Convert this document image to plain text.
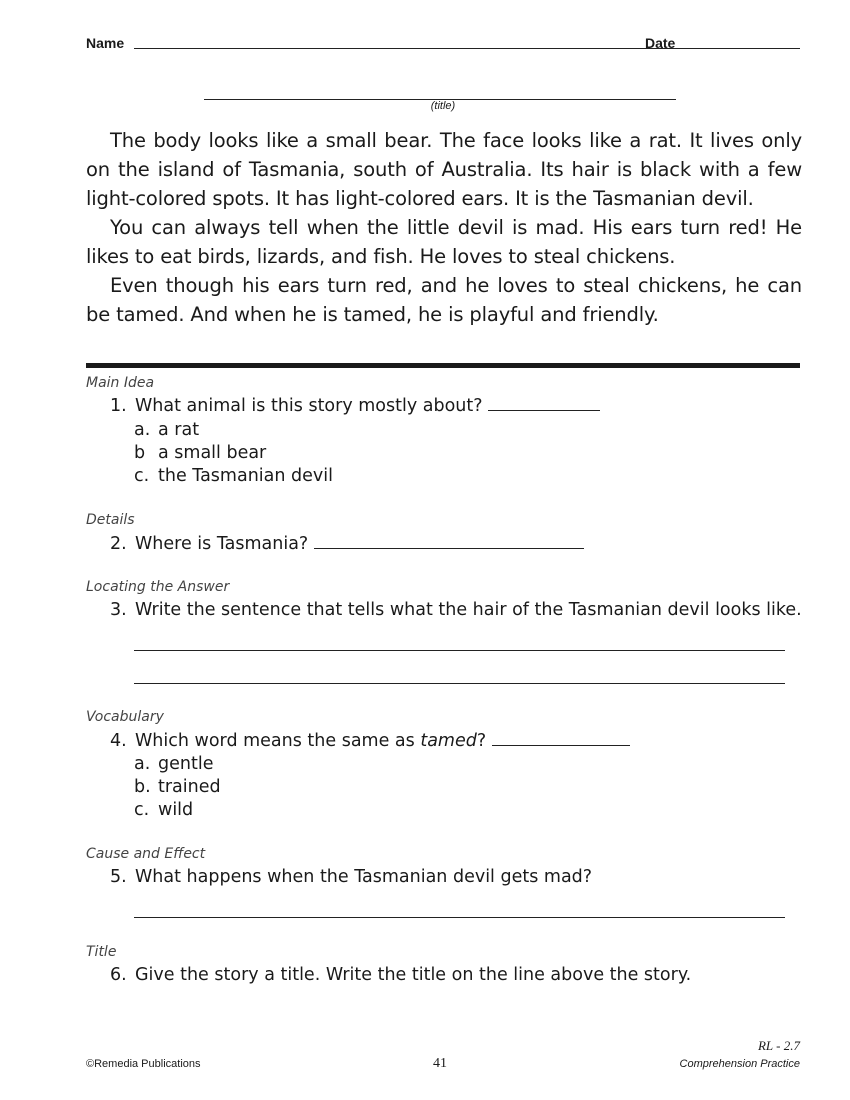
Name	Date
(title)

The body looks like a small bear. The face looks like a rat. It lives only on the island of Tasmania, south of Australia. Its hair is black with a few light-colored spots. It has light-colored ears. It is the Tasmanian devil.

You can always tell when the little devil is mad. His ears turn red! He likes to eat birds, lizards, and fish. He loves to steal chickens.

Even though his ears turn red, and he loves to steal chickens, he can be tamed. And when he is tamed, he is playful and friendly.

Main Idea
1. What animal is this story mostly about?
a. a rat
b a small bear
c. the Tasmanian devil
Details
2. Where is Tasmania?
Locating the Answer
3. Write the sentence that tells what the hair of the Tasmanian devil looks like.
Vocabulary
4. Which word means the same as tamed?
a. gentle
b. trained
c. wild
Cause and Effect
5. What happens when the Tasmanian devil gets mad?
Title
6. Give the story a title. Write the title on the line above the story.
RL - 2.7
©Remedia Publications	41	Comprehension Practice
